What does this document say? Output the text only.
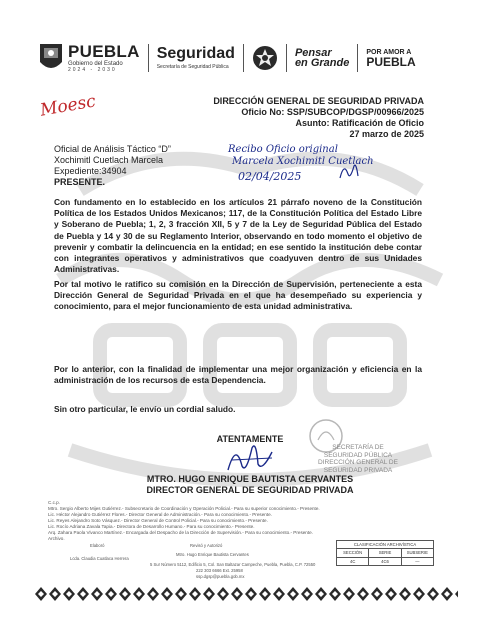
PUEBLA
Gobierno del Estado
2024 - 2030
Seguridad
Secretaría de Seguridad Pública
Pensar
en Grande
POR AMOR A
PUEBLA
Moesc	DIRECCIÓN GENERAL DE SEGURIDAD PRIVADA
Oficio No: SSP/SUBCOP/DGSP/00966/2025
Asunto: Ratificación de Oficio
27 marzo de 2025
Oficial de Análisis Táctico “D”
Xochimitl Cuetlach Marcela
Expediente:34904
PRESENTE.
Recibo Oficio original
Marcela Xochimitl Cuetlach
02/04/2025
Con fundamento en lo establecido en los artículos 21 párrafo noveno de la Constitución Política de los Estados Unidos Mexicanos; 117, de la Constitución Política del Estado Libre y Soberano de Puebla; 1, 2, 3 fracción XII, 5 y 7 de la Ley de Seguridad Pública del Estado de Puebla y 14 y 30 de su Reglamento Interior, observando en todo momento el objetivo de prevenir y combatir la delincuencia en la entidad; en ese sentido la institución debe contar con integrantes operativos y administrativos que coadyuven dentro de sus Unidades Administrativas.
Por tal motivo le ratifico su comisión en la Dirección de Supervisión, perteneciente a esta Dirección General de Seguridad Privada en el que ha desempeñado su experiencia y conocimiento, para el mejor funcionamiento de esta unidad administrativa.
Por lo anterior, con la finalidad de implementar una mejor organización y eficiencia en la administración de los recursos de esta Dependencia.
Sin otro particular, le envío un cordial saludo.
SECRETARÍA DE
SEGURIDAD PÚBLICA
DIRECCIÓN GENERAL DE
SEGURIDAD PRIVADA
ATENTAMENTE
MTRO. HUGO ENRIQUE BAUTISTA CERVANTES
DIRECTOR GENERAL DE SEGURIDAD PRIVADA
C.c.p.
Mtro. Sergio Alberto Mijes Gutiérrez.- Subsecretario de Coordinación y Operación Policial.- Para su superior conocimiento.- Presente.
Lic. Héctor Alejandro Gutiérrez Flores.- Director General de Administración.- Para su conocimiento.- Presente.
Lic. Reyes Alejandro Soto Vásquez.- Director General de Control Policial.- Para su conocimiento.- Presente.
Lic. Rocío Adriana Zavala Tapia.- Directora de Desarrollo Humano.- Para su conocimiento.- Presente.
Arq. Zahara Paola Vivanco Martínez.- Encargada del Despacho de la Dirección de Supervisión.- Para su conocimiento.- Presente.
Archivo.
Elaboró
Lcda. Claudia Cuatlaca Herrera
Revisó y Autorizó
Mtro. Hugo Enrique Bautista Cervantes
5 Sur Número 5112, Edificio 5, Col. San Baltazar Campeche, Puebla, Puebla, C.P. 72550
222 303 6666 Ext. 25958
ssp.dgsp@puebla.gob.mx
CLASIFICACIÓN ARCHIVÍSTICA
SECCIÓN	SERIE	SUBSERIE
4C	4C6	—
